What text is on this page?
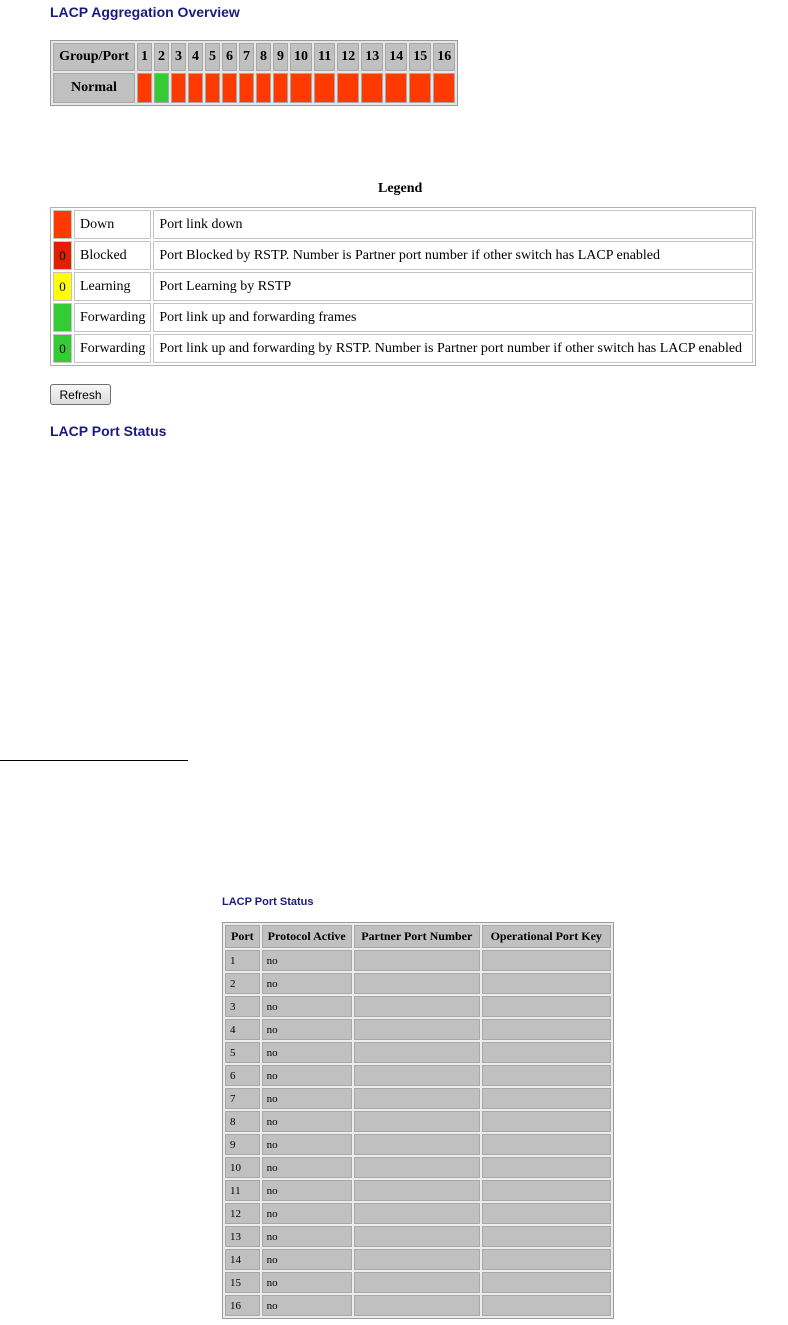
LACP Aggregation Overview
Group/Port	1	2	3	4	5	6	7	8	9	10	11	12	13	14	15	16
Normal																
Legend
	Down	Port link down
0	Blocked	Port Blocked by RSTP. Number is Partner port number if other switch has LACP enabled
0	Learning	Port Learning by RSTP
	Forwarding	Port link up and forwarding frames
0	Forwarding	Port link up and forwarding by RSTP. Number is Partner port number if other switch has LACP enabled
Refresh
LACP Port Status
LACP Port Status
Port	Protocol Active	Partner Port Number	Operational Port Key
1	no		
2	no		
3	no		
4	no		
5	no		
6	no		
7	no		
8	no		
9	no		
10	no		
11	no		
12	no		
13	no		
14	no		
15	no		
16	no		
